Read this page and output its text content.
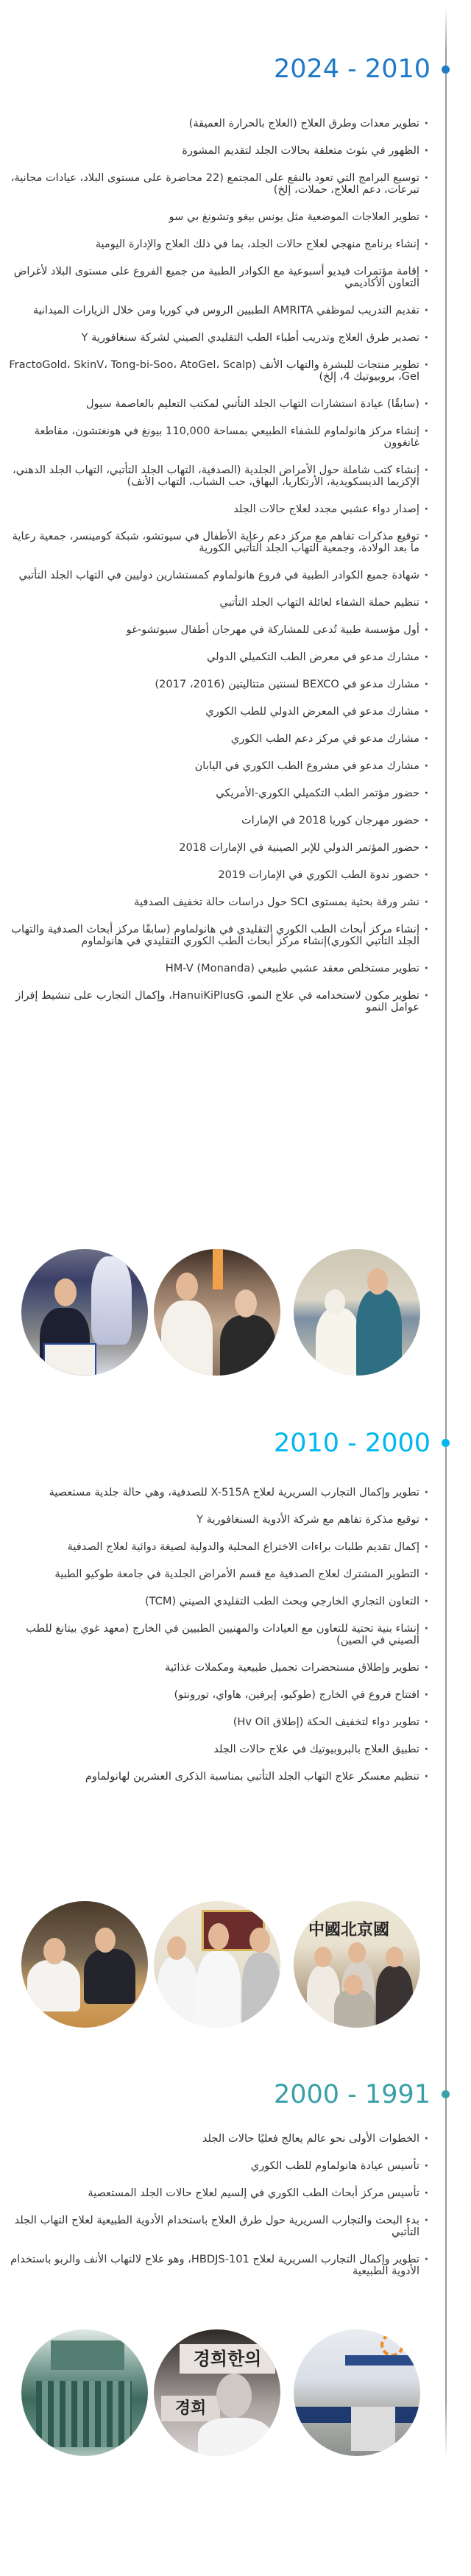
2024 - 2010
· تطوير معدات وطرق العلاج (العلاج بالحرارة العميقة)
· الظهور في بثوث متعلقة بحالات الجلد لتقديم المشورة
· توسيع البرامج التي تعود بالنفع على المجتمع (22 محاضرة على مستوى البلاد، عيادات مجانية، تبرعات، دعم العلاج، حملات، إلخ)
· تطوير العلاجات الموضعية مثل يونس بيغو وتشونغ بي سو
· إنشاء برنامج منهجي لعلاج حالات الجلد، بما في ذلك العلاج والإدارة اليومية
· إقامة مؤتمرات فيديو أسبوعية مع الكوادر الطبية من جميع الفروع على مستوى البلاد لأغراض التعاون الأكاديمي
· تقديم التدريب لموظفي AMRITA الطبيين الروس في كوريا ومن خلال الزيارات الميدانية
· تصدير طرق العلاج وتدريب أطباء الطب التقليدي الصيني لشركة سنغافورية Y
· تطوير منتجات للبشرة والتهاب الأنف (FractoGold، SkinV، Tong-bi-Soo، AtoGel، Scalp Gel، بروبيوتيك 4، إلخ)
· (سابقًا) عيادة استشارات التهاب الجلد التأتبي لمكتب التعليم بالعاصمة سيول
· إنشاء مركز هانولماوم للشفاء الطبيعي بمساحة 110,000 بيونغ في هونغتشون، مقاطعة غانغوون
· إنشاء كتب شاملة حول الأمراض الجلدية (الصدفية، التهاب الجلد التأتبي، التهاب الجلد الدهني، الإكزيما الديسكويدية، الأرتكاريا، البهاق، حب الشباب، التهاب الأنف)
· إصدار دواء عشبي مجدد لعلاج حالات الجلد
· توقيع مذكرات تفاهم مع مركز دعم رعاية الأطفال في سيوتشو، شبكة كومينسر، جمعية رعاية ما بعد الولادة، وجمعية التهاب الجلد التأتبي الكورية
· شهادة جميع الكوادر الطبية في فروع هانولماوم كمستشارين دوليين في التهاب الجلد التأتبي
· تنظيم حملة الشفاء لعائلة التهاب الجلد التأتبي
· أول مؤسسة طبية تُدعى للمشاركة في مهرجان أطفال سيوتشو-غو
· مشارك مدعو في معرض الطب التكميلي الدولي
· مشارك مدعو في BEXCO لسنتين متتاليتين (2016، 2017)
· مشارك مدعو في المعرض الدولي للطب الكوري
· مشارك مدعو في مركز دعم الطب الكوري
· مشارك مدعو في مشروع الطب الكوري في اليابان
· حضور مؤتمر الطب التكميلي الكوري-الأمريكي
· حضور مهرجان كوريا 2018 في الإمارات
· حضور المؤتمر الدولي للإبر الصينية في الإمارات 2018
· حضور ندوة الطب الكوري في الإمارات 2019
· نشر ورقة بحثية بمستوى SCI حول دراسات حالة تخفيف الصدفية
· إنشاء مركز أبحاث الطب الكوري التقليدي في هانولماوم (سابقًا مركز أبحاث الصدفية والتهاب الجلد التأتبي الكوري)إنشاء مركز أبحاث الطب الكوري التقليدي في هانولماوم
· تطوير مستخلص معقد عشبي طبيعي (Monanda) HM-V
· تطوير مكون لاستخدامه في علاج النمو، HanuiKiPlusG، وإكمال التجارب على تنشيط إفراز عوامل النمو
2010 - 2000
· تطوير وإكمال التجارب السريرية لعلاج X-515A للصدفية، وهي حالة جلدية مستعصية
· توقيع مذكرة تفاهم مع شركة الأدوية السنغافورية Y
· إكمال تقديم طلبات براءات الاختراع المحلية والدولية لصيغة دوائية لعلاج الصدفية
· التطوير المشترك لعلاج الصدفية مع قسم الأمراض الجلدية في جامعة طوكيو الطبية
· التعاون التجاري الخارجي وبحث الطب التقليدي الصيني (TCM)
· إنشاء بنية تحتية للتعاون مع العيادات والمهنيين الطبيين في الخارج (معهد غوي بيتانغ للطب الصيني في الصين)
· تطوير وإطلاق مستحضرات تجميل طبيعية ومكملات غذائية
· افتتاح فروع في الخارج (طوكيو، إيرفين، هاواي، تورونتو)
· تطوير دواء لتخفيف الحكة (إطلاق Hv Oil)
· تطبيق العلاج بالبروبيوتيك في علاج حالات الجلد
· تنظيم معسكر علاج التهاب الجلد التأتبي بمناسبة الذكرى العشرين لهانولماوم
中國北京國
2000 - 1991
· الخطوات الأولى نحو عالم يعالج فعليًا حالات الجلد
· تأسيس عيادة هانولماوم للطب الكوري
· تأسيس مركز أبحاث الطب الكوري في إلسيم لعلاج حالات الجلد المستعصية
· بدء البحث والتجارب السريرية حول طرق العلاج باستخدام الأدوية الطبيعية لعلاج التهاب الجلد التأتبي
· تطوير وإكمال التجارب السريرية لعلاج HBDJS-101، وهو علاج لالتهاب الأنف والربو باستخدام الأدوية الطبيعية
경희한의
경희
